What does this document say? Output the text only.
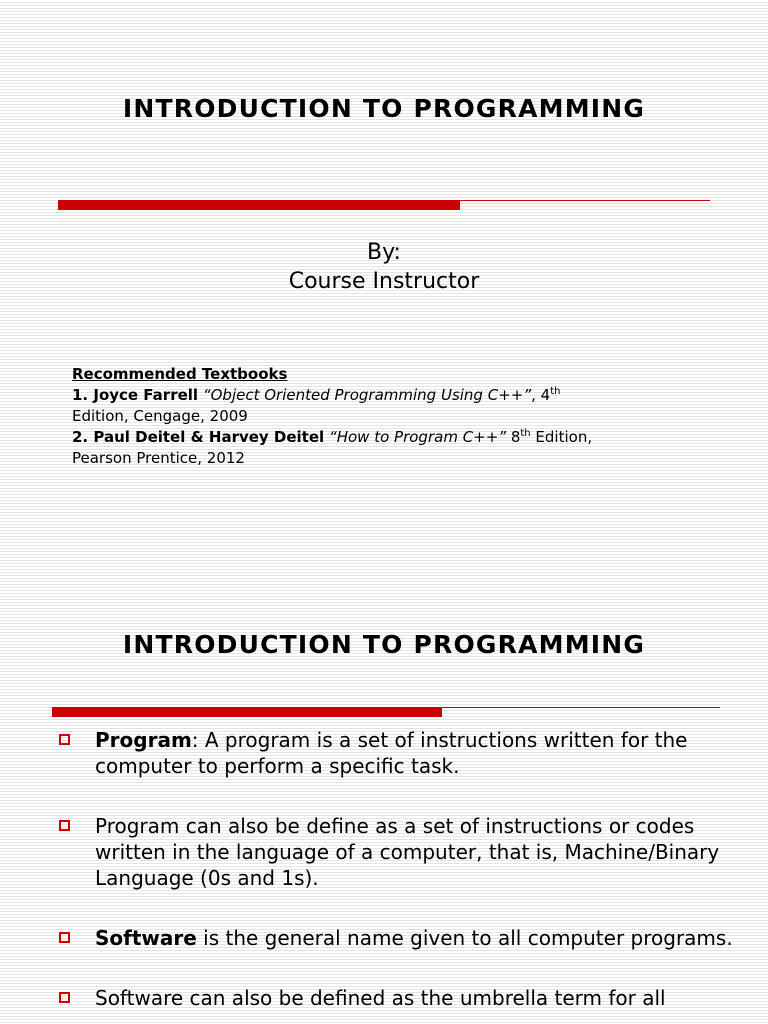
INTRODUCTION TO PROGRAMMING
By:
Course Instructor
Recommended Textbooks
1. Joyce Farrell “Object Oriented Programming Using C++”, 4th
Edition, Cengage, 2009
2. Paul Deitel & Harvey Deitel “How to Program C++” 8th Edition,
Pearson Prentice, 2012
INTRODUCTION TO PROGRAMMING
Program: A program is a set of instructions written for the computer to perform a specific task.
Program can also be define as a set of instructions or codes written in the language of a computer, that is, Machine/Binary Language (0s and 1s).
Software is the general name given to all computer programs.
Software can also be defined as the umbrella term for all
